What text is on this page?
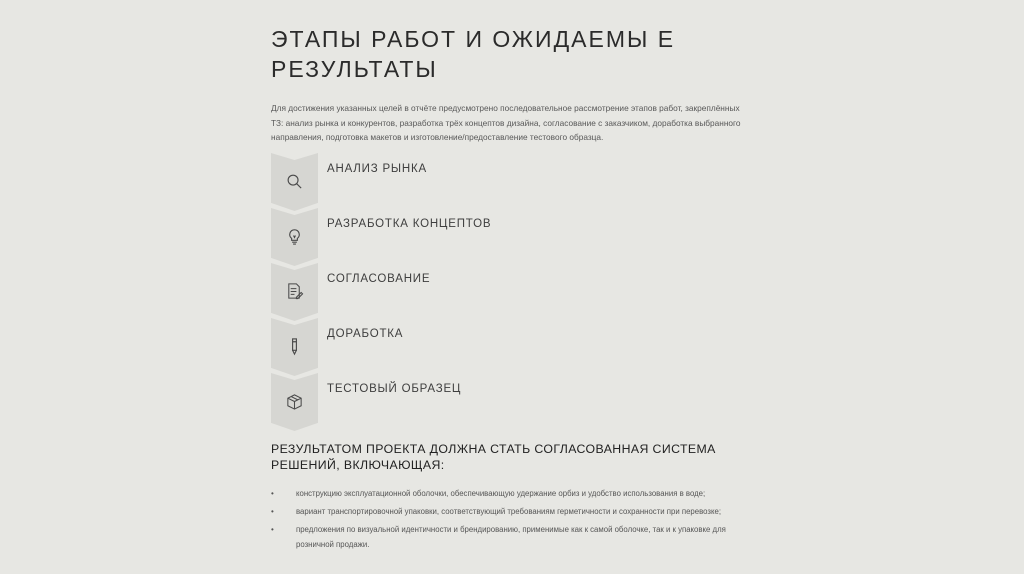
ЭТАПЫ РАБОТ И ОЖИДАЕМЫ Е РЕЗУЛЬТАТЫ

Для достижения указанных целей в отчёте предусмотрено последовательное рассмотрение этапов работ, закреплённых ТЗ: анализ рынка и конкурентов, разработка трёх концептов дизайна, согласование с заказчиком, доработка выбранного направления, подготовка макетов и изготовление/предоставление тестового образца.

АНАЛИЗ РЫНКА
РАЗРАБОТКА КОНЦЕПТОВ
СОГЛАСОВАНИЕ
ДОРАБОТКА
ТЕСТОВЫЙ ОБРАЗЕЦ
РЕЗУЛЬТАТОМ ПРОЕКТА ДОЛЖНА СТАТЬ СОГЛАСОВАННАЯ СИСТЕМА РЕШЕНИЙ, ВКЛЮЧАЮЩАЯ:
•	конструкцию эксплуатационной оболочки, обеспечивающую удержание орбиз и удобство использования в воде;
•	вариант транспортировочной упаковки, соответствующий требованиям герметичности и сохранности при перевозке;
•	предложения по визуальной идентичности и брендированию, применимые как к самой оболочке, так и к упаковке для розничной продажи.
